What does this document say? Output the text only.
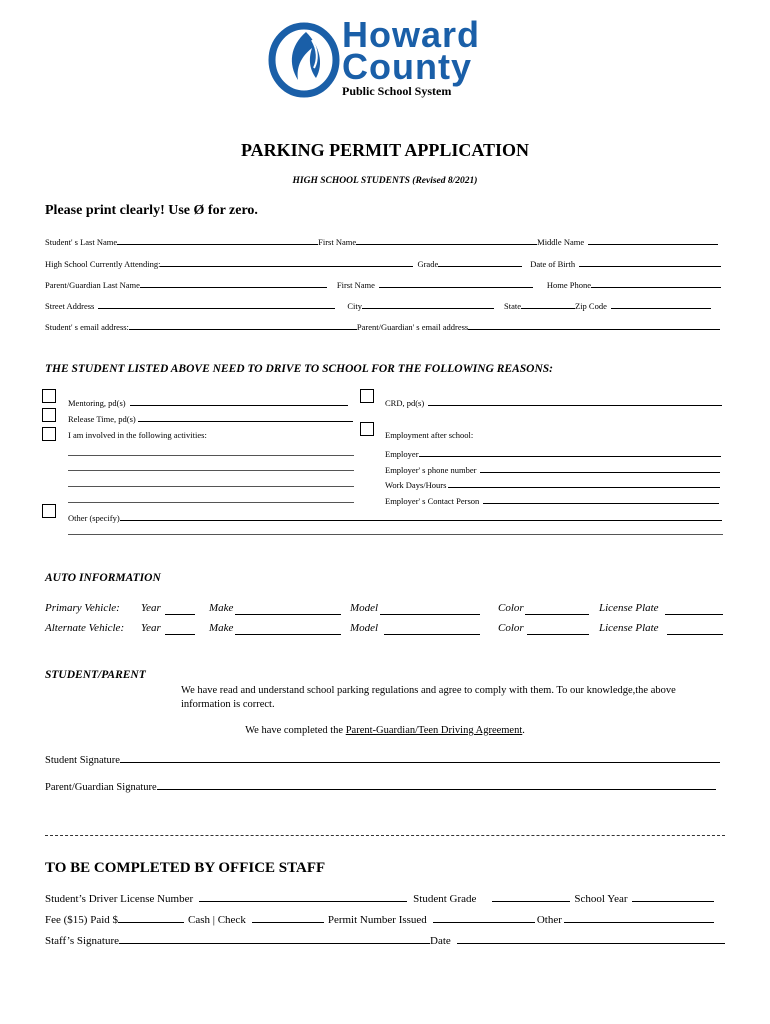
Howard
County
Public School System
PARKING PERMIT APPLICATION
HIGH SCHOOL STUDENTS (Revised 8/2021)
Please print clearly! Use Ø for zero.
Student' s Last Name	First Name	Middle Name
High School Currently Attending:	Grade	Date of Birth
Parent/Guardian Last Name	First Name	Home Phone
Street Address	City	State	Zip Code
Student' s email address:	Parent/Guardian' s email address
THE STUDENT LISTED ABOVE NEED TO DRIVE TO SCHOOL FOR THE FOLLOWING REASONS:
Mentoring, pd(s)	CRD, pd(s)
Release Time, pd(s)
I am involved in the following activities:	Employment after school:
Employer
Employer' s phone number
Work Days/Hours
Employer' s Contact Person
Other (specify)
AUTO INFORMATION
Primary Vehicle: Year	Make	Model	Color	License Plate
Alternate Vehicle: Year	Make	Model	Color	License Plate
STUDENT/PARENT
We have read and understand school parking regulations and agree to comply with them. To our knowledge,the above information is correct.
We have completed the Parent-Guardian/Teen Driving Agreement.
Student Signature
Parent/Guardian Signature
TO BE COMPLETED BY OFFICE STAFF
Student’s Driver License Number	Student Grade	School Year
Fee ($15) Paid $	Cash | Check	Permit Number Issued	Other
Staff’s Signature	Date
